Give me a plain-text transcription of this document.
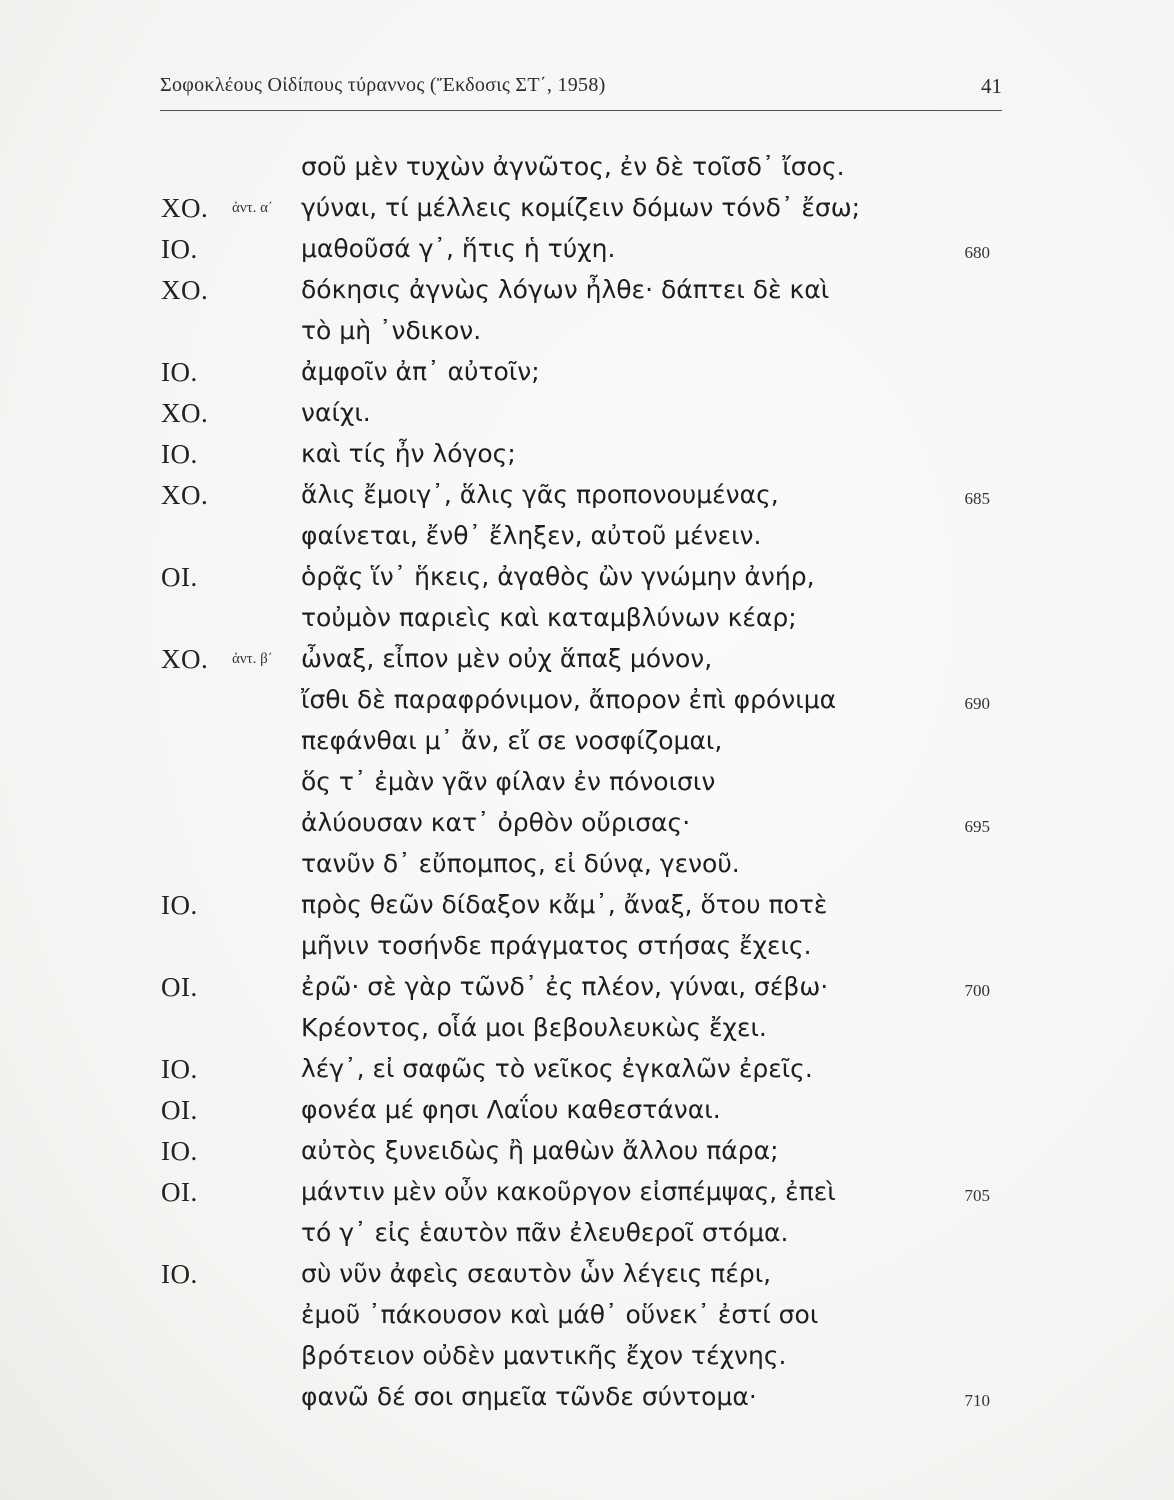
Σοφοκλέους Οἰδίπους τύραννος (Ἔκδοσις ΣΤ΄, 1958)	41
σοῦ μὲν τυχὼν ἀγνῶτος, ἐν δὲ τοῖσδ᾽ ἴσος.
ΧΟ. ἀντ. α΄ γύναι, τί μέλλεις κομίζειν δόμων τόνδ᾽ ἔσω;
ΙΟ.	μαθοῦσά γ᾽, ἥτις ἡ τύχη.	680
ΧΟ.	δόκησις ἀγνὼς λόγων ἦλθε· δάπτει δὲ καὶ
τὸ μὴ ᾽νδικον.
ΙΟ.	ἀμφοῖν ἀπ᾽ αὐτοῖν;
ΧΟ.	ναίχι.
ΙΟ.	καὶ τίς ἦν λόγος;
ΧΟ.	ἅλις ἔμοιγ᾽, ἅλις γᾶς προπονουμένας,	685
φαίνεται, ἔνθ᾽ ἔληξεν, αὐτοῦ μένειν.
ΟΙ.	ὁρᾷς ἵν᾽ ἥκεις, ἀγαθὸς ὢν γνώμην ἀνήρ,
τοὐμὸν παριεὶς καὶ καταμβλύνων κέαρ;
ΧΟ. ἀντ. β΄ ὦναξ, εἶπον μὲν οὐχ ἅπαξ μόνον,
ἴσθι δὲ παραφρόνιμον, ἄπορον ἐπὶ φρόνιμα	690
πεφάνθαι μ᾽ ἄν, εἴ σε νοσφίζομαι,
ὅς τ᾽ ἐμὰν γᾶν φίλαν ἐν πόνοισιν
ἀλύουσαν κατ᾽ ὀρθὸν οὔρισας·	695
τανῦν δ᾽ εὔπομπος, εἰ δύνᾳ, γενοῦ.
ΙΟ.	πρὸς θεῶν δίδαξον κἄμ᾽, ἄναξ, ὅτου ποτὲ
μῆνιν τοσήνδε πράγματος στήσας ἔχεις.
ΟΙ.	ἐρῶ· σὲ γὰρ τῶνδ᾽ ἐς πλέον, γύναι, σέβω·	700
Κρέοντος, οἷά μοι βεβουλευκὼς ἔχει.
ΙΟ.	λέγ᾽, εἰ σαφῶς τὸ νεῖκος ἐγκαλῶν ἐρεῖς.
ΟΙ.	φονέα μέ φησι Λαΐου καθεστάναι.
ΙΟ.	αὐτὸς ξυνειδὼς ἢ μαθὼν ἄλλου πάρα;
ΟΙ.	μάντιν μὲν οὖν κακοῦργον εἰσπέμψας, ἐπεὶ	705
τό γ᾽ εἰς ἑαυτὸν πᾶν ἐλευθεροῖ στόμα.
ΙΟ.	σὺ νῦν ἀφεὶς σεαυτὸν ὧν λέγεις πέρι,
ἐμοῦ ᾽πάκουσον καὶ μάθ᾽ οὕνεκ᾽ ἐστί σοι
βρότειον οὐδὲν μαντικῆς ἔχον τέχνης.
φανῶ δέ σοι σημεῖα τῶνδε σύντομα·	710
